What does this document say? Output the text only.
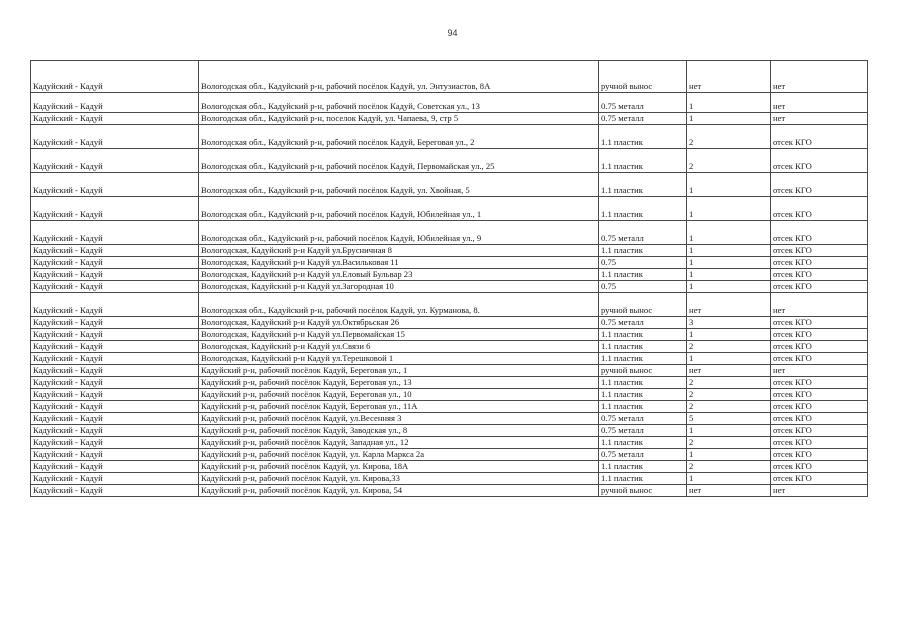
94
Кадуйский - Кадуй	Вологодская обл., Кадуйский р-н, рабочий посёлок Кадуй, ул. Энтузиастов, 8А	ручной вынос	нет	нет
Кадуйский - Кадуй	Вологодская обл., Кадуйский р-н, рабочий посёлок Кадуй, Советская ул., 13	0.75 металл	1	нет
Кадуйский - Кадуй	Вологодская обл., Кадуйский р-н, поселок Кадуй, ул. Чапаева, 9, стр 5	0.75 металл	1	нет
Кадуйский - Кадуй	Вологодская обл., Кадуйский р-н, рабочий посёлок Кадуй, Береговая ул., 2	1.1 пластик	2	отсек КГО
Кадуйский - Кадуй	Вологодская обл., Кадуйский р-н, рабочий посёлок Кадуй, Первомайская ул., 25	1.1 пластик	2	отсек КГО
Кадуйский - Кадуй	Вологодская обл., Кадуйский р-н, рабочий посёлок Кадуй, ул. Хвойная, 5	1.1 пластик	1	отсек КГО
Кадуйский - Кадуй	Вологодская обл., Кадуйский р-н, рабочий посёлок Кадуй, Юбилейная ул., 1	1.1 пластик	1	отсек КГО
Кадуйский - Кадуй	Вологодская обл., Кадуйский р-н, рабочий посёлок Кадуй, Юбилейная ул., 9	0.75 металл	1	отсек КГО
Кадуйский - Кадуй	Вологодская, Кадуйский р-н Кадуй ул.Брусничная 8	1.1 пластик	1	отсек КГО
Кадуйский - Кадуй	Вологодская, Кадуйский р-н Кадуй ул.Васильковая 11	0.75	1	отсек КГО
Кадуйский - Кадуй	Вологодская, Кадуйский р-н Кадуй ул.Еловый Бульвар 23	1.1 пластик	1	отсек КГО
Кадуйский - Кадуй	Вологодская, Кадуйский р-н Кадуй ул.Загородная 10	0.75	1	отсек КГО
Кадуйский - Кадуй	Вологодская обл., Кадуйский р-н, рабочий посёлок Кадуй, ул. Курманова, 8.	ручной вынос	нет	нет
Кадуйский - Кадуй	Вологодская, Кадуйский р-н Кадуй ул.Октябрьская 26	0.75 металл	3	отсек КГО
Кадуйский - Кадуй	Вологодская, Кадуйский р-н Кадуй ул.Первомайская 15	1.1 пластик	1	отсек КГО
Кадуйский - Кадуй	Вологодская, Кадуйский р-н Кадуй ул.Связи 6	1.1 пластик	2	отсек КГО
Кадуйский - Кадуй	Вологодская, Кадуйский р-н Кадуй ул.Терешковой 1	1.1 пластик	1	отсек КГО
Кадуйский - Кадуй	Кадуйский р-н, рабочий посёлок Кадуй, Береговая ул., 1	ручной вынос	нет	нет
Кадуйский - Кадуй	Кадуйский р-н, рабочий посёлок Кадуй, Береговая ул., 13	1.1 пластик	2	отсек КГО
Кадуйский - Кадуй	Кадуйский р-н, рабочий посёлок Кадуй, Береговая ул., 10	1.1 пластик	2	отсек КГО
Кадуйский - Кадуй	Кадуйский р-н, рабочий посёлок Кадуй, Береговая ул., 11А	1.1 пластик	2	отсек КГО
Кадуйский - Кадуй	Кадуйский р-н, рабочий посёлок Кадуй, ул.Весенняя 3	0.75 металл	5	отсек КГО
Кадуйский - Кадуй	Кадуйский р-н, рабочий посёлок Кадуй, Заводская ул., 8	0.75 металл	1	отсек КГО
Кадуйский - Кадуй	Кадуйский р-н, рабочий посёлок Кадуй, Западная ул., 12	1.1 пластик	2	отсек КГО
Кадуйский - Кадуй	Кадуйский р-н, рабочий посёлок Кадуй, ул. Карла Маркса 2а	0.75 металл	1	отсек КГО
Кадуйский - Кадуй	Кадуйский р-н, рабочий посёлок Кадуй, ул. Кирова, 18А	1.1 пластик	2	отсек КГО
Кадуйский - Кадуй	Кадуйский р-н, рабочий посёлок Кадуй, ул. Кирова,33	1.1 пластик	1	отсек КГО
Кадуйский - Кадуй	Кадуйский р-н, рабочий посёлок Кадуй, ул. Кирова, 54	ручной вынос	нет	нет
